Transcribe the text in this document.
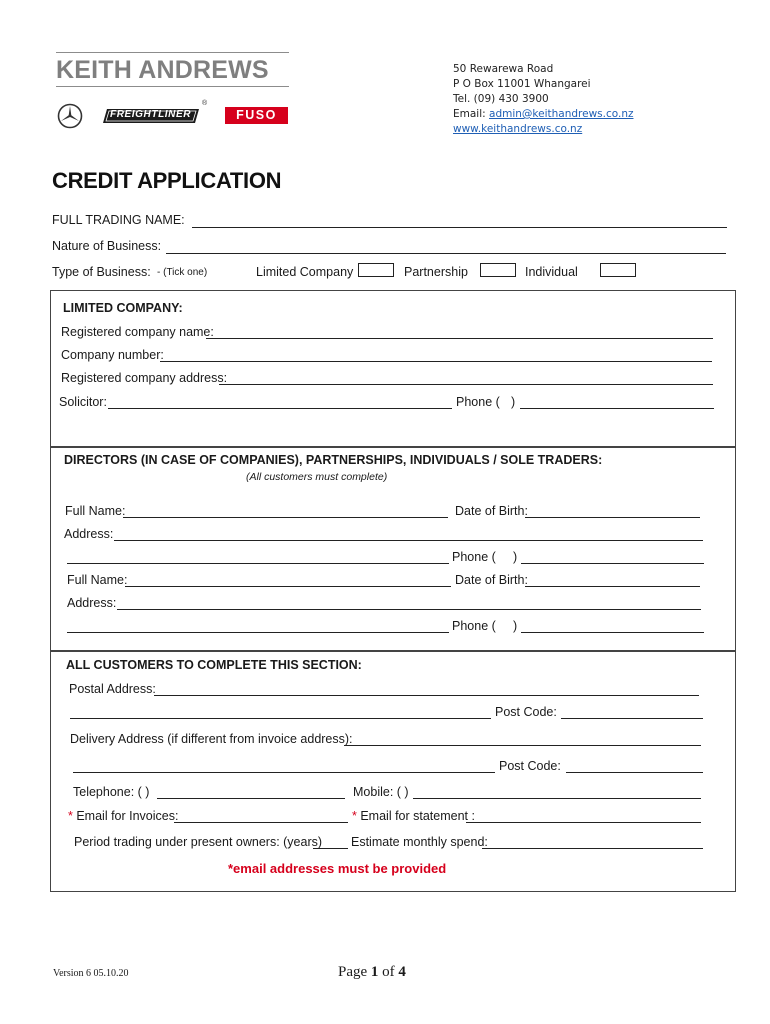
KEITH ANDREWS
FREIGHTLINER
®
FUSO
50 Rewarewa Road
P O Box 11001 Whangarei
Tel. (09) 430 3900
Email: admin@keithandrews.co.nz
www.keithandrews.co.nz
CREDIT APPLICATION
FULL TRADING NAME:
Nature of Business:
Type of Business: - (Tick one)	Limited Company	Partnership	Individual
LIMITED COMPANY:
Registered company name:
Company number:
Registered company address:
Solicitor:	Phone ( )
DIRECTORS (IN CASE OF COMPANIES), PARTNERSHIPS, INDIVIDUALS / SOLE TRADERS:
(All customers must complete)
Full Name:	Date of Birth:
Address:
Phone ( )
Full Name:	Date of Birth:
Address:
Phone ( )
ALL CUSTOMERS TO COMPLETE THIS SECTION:
Postal Address:
Post Code:
Delivery Address (if different from invoice address):
Post Code:
Telephone: ( )	Mobile: ( )
* Email for Invoices:	* Email for statement :
Period trading under present owners: (years) Estimate monthly spend:
*email addresses must be provided
Version 6 05.10.20	Page 1 of 4
